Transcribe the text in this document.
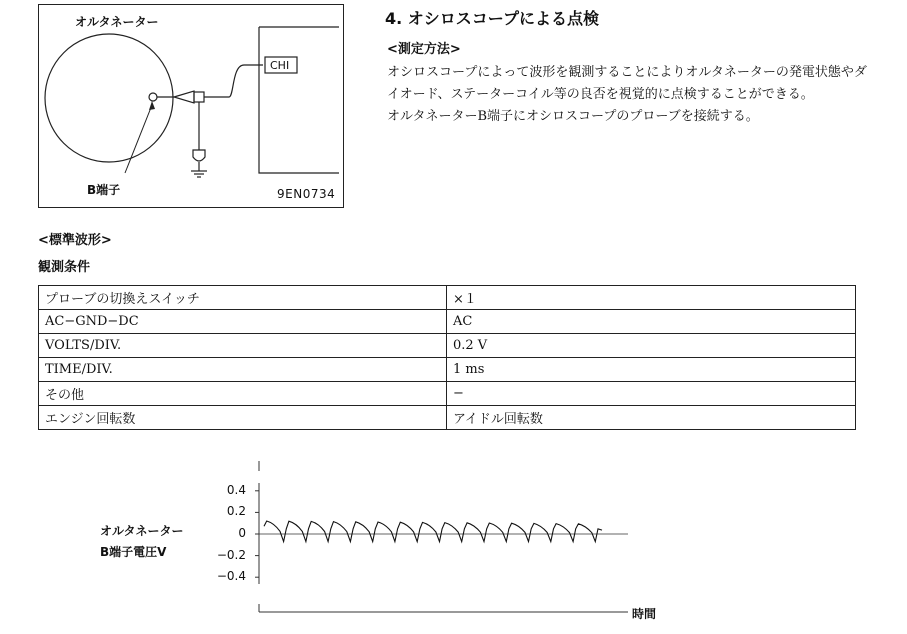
オルタネーター
CHI
B端子	9EN0734
4. オシロスコープによる点検
<測定方法>

オシロスコープによって波形を観測することによりオルタネーターの発電状態やダイオード、ステーターコイル等の良否を視覚的に点検することができる。

オルタネーターB端子にオシロスコープのプローブを接続する。

<標準波形>
観測条件
プローブの切換えスイッチ	×１
AC−GND−DC	AC
VOLTS/DIV.	0.2 V
TIME/DIV.	1 ms
その他	−
エンジン回転数	アイドル回転数
オルタネーター
B端子電圧V
時間
0.4
0.2
0
−0.2
−0.4
